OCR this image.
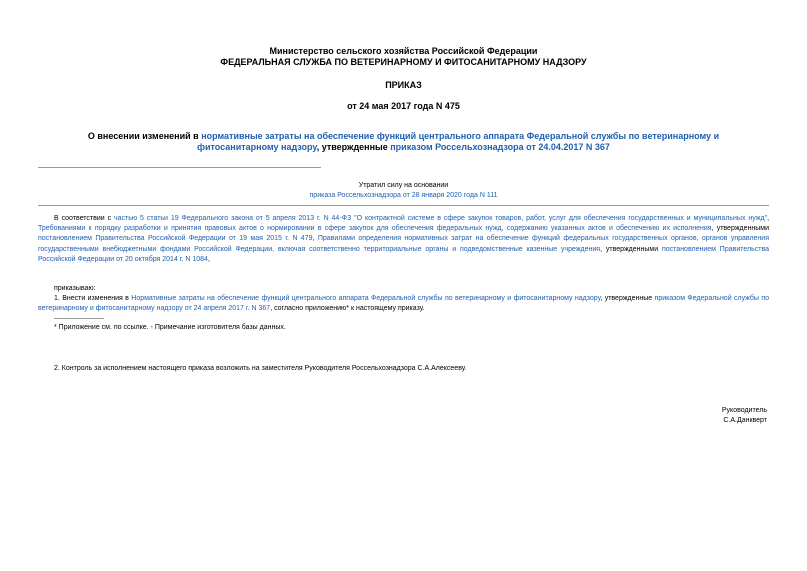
Министерство сельского хозяйства Российской Федерации
ФЕДЕРАЛЬНАЯ СЛУЖБА ПО ВЕТЕРИНАРНОМУ И ФИТОСАНИТАРНОМУ НАДЗОРУ
ПРИКАЗ
от 24 мая 2017 года N 475
О внесении изменений в нормативные затраты на обеспечение функций центрального аппарата Федеральной службы по ветеринарному и фитосанитарному надзору, утвержденные приказом Россельхознадзора от 24.04.2017 N 367
Утратил силу на основании
приказа Россельхознадзора от 28 января 2020 года N 111

В соответствии с частью 5 статьи 19 Федерального закона от 5 апреля 2013 г. N 44-ФЗ "О контрактной системе в сфере закупок товаров, работ, услуг для обеспечения государственных и муниципальных нужд", Требованиями к порядку разработки и принятия правовых актов о нормировании в сфере закупок для обеспечения федеральных нужд, содержанию указанных актов и обеспечению их исполнения, утвержденными постановлением Правительства Российской Федерации от 19 мая 2015 г. N 479, Правилами определения нормативных затрат на обеспечение функций федеральных государственных органов, органов управления государственными внебюджетными фондами Российской Федерации, включая соответственно территориальные органы и подведомственные казенные учреждения, утвержденными постановлением Правительства Российской Федерации от 20 октября 2014 г. N 1084,

приказываю:

1. Внести изменения в Нормативные затраты на обеспечение функций центрального аппарата Федеральной службы по ветеринарному и фитосанитарному надзору, утвержденные приказом Федеральной службы по ветеринарному и фитосанитарному надзору от 24 апреля 2017 г. N 367, согласно приложению* к настоящему приказу.

* Приложение см. по ссылке. - Примечание изготовителя базы данных.

2. Контроль за исполнением настоящего приказа возложить на заместителя Руководителя Россельхознадзора С.А.Алексееву.

Руководитель
С.А.Данкверт
